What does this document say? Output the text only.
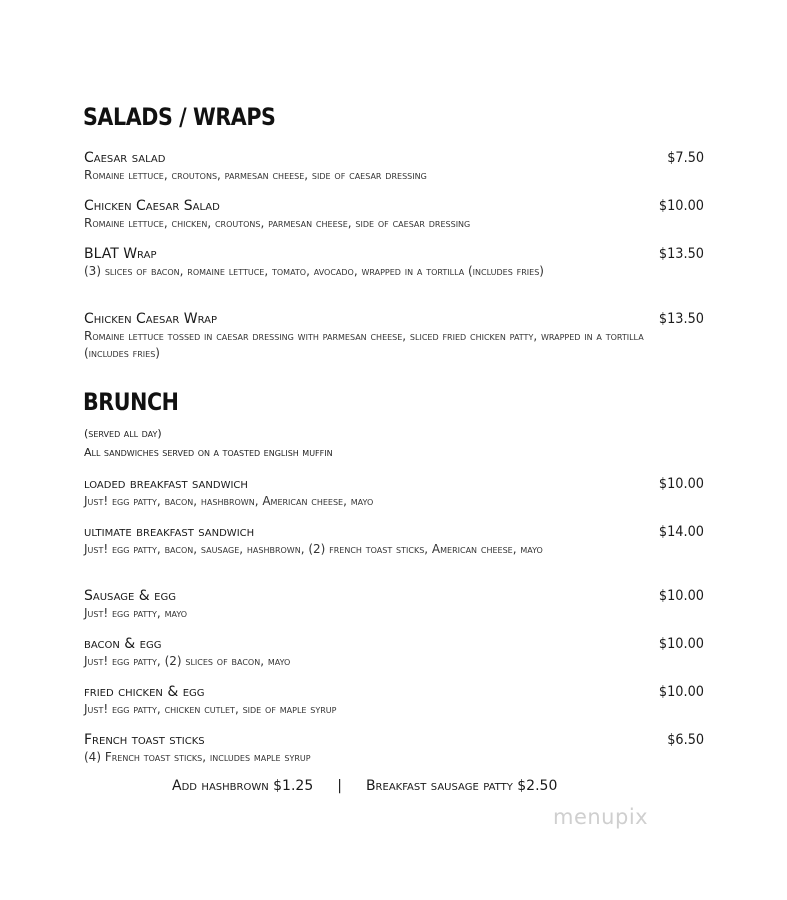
SALADS / WRAPS
Caesar salad
Romaine lettuce, croutons, parmesan cheese, side of caesar dressing
$7.50
Chicken Caesar Salad
Romaine lettuce, chicken, croutons, parmesan cheese, side of caesar dressing
$10.00
BLAT Wrap
(3) slices of bacon, romaine lettuce, tomato, avocado, wrapped in a tortilla (includes fries)
$13.50
Chicken Caesar Wrap
Romaine lettuce tossed in caesar dressing with parmesan cheese, sliced fried chicken patty, wrapped in a tortilla (includes fries)
$13.50
BRUNCH
(served all day)
All sandwiches served on a toasted english muffin
loaded breakfast sandwich
Just! egg patty, bacon, hashbrown, American cheese, mayo
$10.00
ultimate breakfast sandwich
Just! egg patty, bacon, sausage, hashbrown, (2) french toast sticks, American cheese, mayo
$14.00
Sausage & egg
Just! egg patty, mayo
$10.00
bacon & egg
Just! egg patty, (2) slices of bacon, mayo
$10.00
fried chicken & egg
Just! egg patty, chicken cutlet, side of maple syrup
$10.00
French toast sticks
(4) French toast sticks, includes maple syrup
$6.50
Add hashbrown $1.25 | Breakfast sausage patty $2.50
menupix
